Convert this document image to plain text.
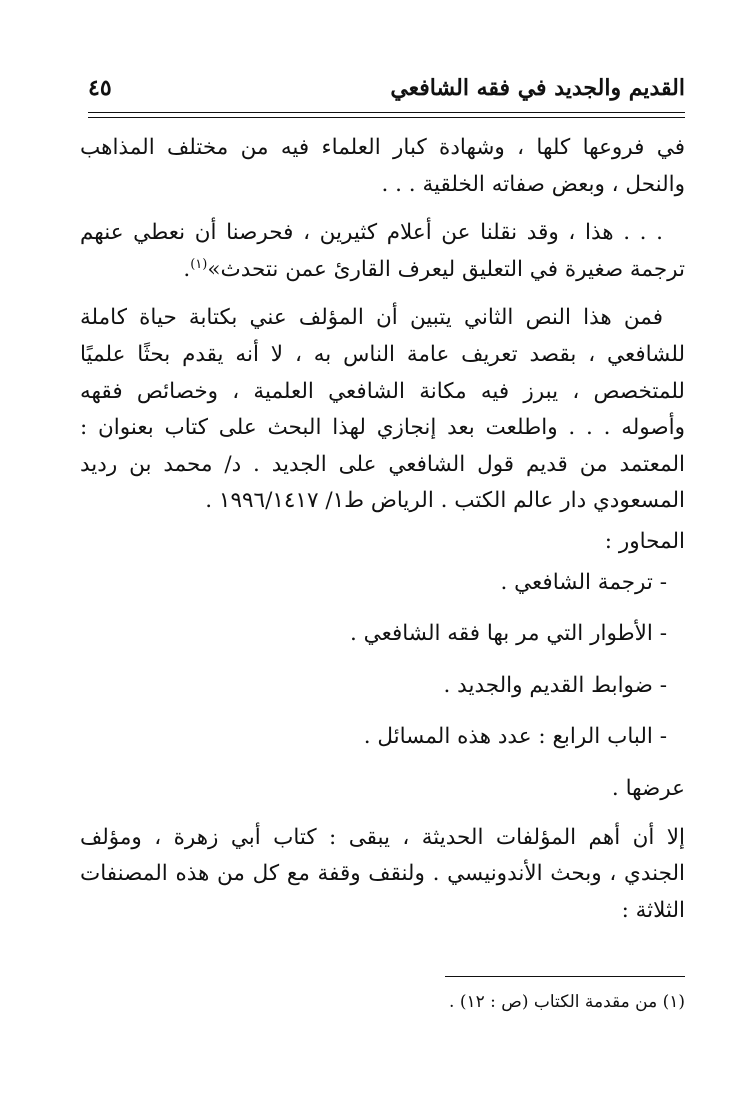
القديم والجديد في فقه الشافعي
٤٥

في فروعها كلها ، وشهادة كبار العلماء فيه من مختلف المذاهب والنحل ، وبعض صفاته الخلقية . . .

. . . هذا ، وقد نقلنا عن أعلام كثيرين ، فحرصنا أن نعطي عنهم ترجمة صغيرة في التعليق ليعرف القارئ عمن نتحدث»$^{(١)}$.

فمن هذا النص الثاني يتبين أن المؤلف عني بكتابة حياة كاملة للشافعي ، بقصد تعريف عامة الناس به ، لا أنه يقدم بحثًا علميًا للمتخصص ، يبرز فيه مكانة الشافعي العلمية ، وخصائص فقهه وأصوله . . . واطلعت بعد إنجازي لهذا البحث على كتاب بعنوان : المعتمد من قديم قول الشافعي على الجديد . د/ محمد بن رديد المسعودي دار عالم الكتب . الرياض ط١/ ١٩٩٦/١٤١٧ .

المحاور :

- ترجمة الشافعي .

- الأطوار التي مر بها فقه الشافعي .

- ضوابط القديم والجديد .

- الباب الرابع : عدد هذه المسائل .

عرضها .

إلا أن أهم المؤلفات الحديثة ، يبقى : كتاب أبي زهرة ، ومؤلف الجندي ، وبحث الأندونيسي . ولنقف وقفة مع كل من هذه المصنفات الثلاثة :

(١) من مقدمة الكتاب (ص : ١٢) .
